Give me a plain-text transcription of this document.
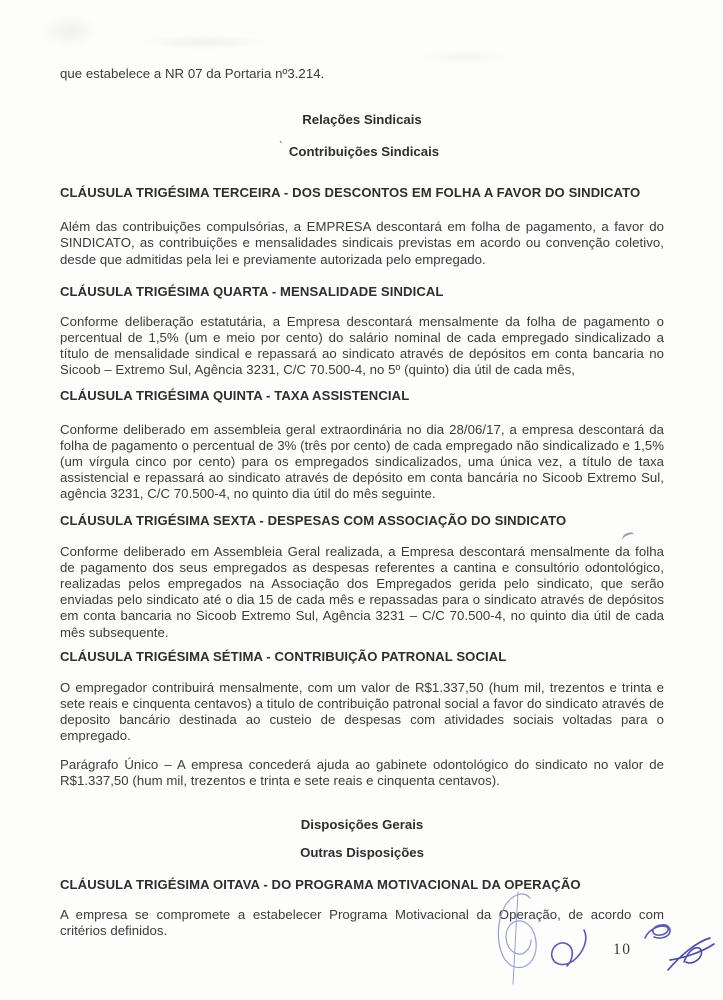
que estabelece a NR 07 da Portaria nº3.214.

Relações Sindicais

` Contribuições Sindicais

CLÁUSULA TRIGÉSIMA TERCEIRA - DOS DESCONTOS EM FOLHA A FAVOR DO SINDICATO

Além das contribuições compulsórias, a EMPRESA descontará em folha de pagamento, a favor do SINDICATO, as contribuições e mensalidades sindicais previstas em acordo ou convenção coletivo, desde que admitidas pela lei e previamente autorizada pelo empregado.

CLÁUSULA TRIGÉSIMA QUARTA - MENSALIDADE SINDICAL

Conforme deliberação estatutária, a Empresa descontará mensalmente da folha de pagamento o percentual de 1,5% (um e meio por cento) do salário nominal de cada empregado sindicalizado a título de mensalidade sindical e repassará ao sindicato através de depósitos em conta bancaria no Sicoob – Extremo Sul, Agência 3231, C/C 70.500-4, no 5º (quinto) dia útil de cada mês,

CLÁUSULA TRIGÉSIMA QUINTA - TAXA ASSISTENCIAL

Conforme deliberado em assembleia geral extraordinária no dia 28/06/17, a empresa descontará da folha de pagamento o percentual de 3% (três por cento) de cada empregado não sindicalizado e 1,5% (um vírgula cinco por cento) para os empregados sindicalizados, uma única vez, a título de taxa assistencial e repassará ao sindicato através de depósito em conta bancária no Sicoob Extremo Sul, agência 3231, C/C 70.500-4, no quinto dia útil do mês seguinte.

CLÁUSULA TRIGÉSIMA SEXTA - DESPESAS COM ASSOCIAÇÃO DO SINDICATO

Conforme deliberado em Assembleia Geral realizada, a Empresa descontará mensalmente da folha de pagamento dos seus empregados as despesas referentes a cantina e consultório odontológico, realizadas pelos empregados na Associação dos Empregados gerida pelo sindicato, que serão enviadas pelo sindicato até o dia 15 de cada mês e repassadas para o sindicato através de depósitos em conta bancaria no Sicoob Extremo Sul, Agência 3231 – C/C 70.500-4, no quinto dia útil de cada mês subsequente.

CLÁUSULA TRIGÉSIMA SÉTIMA - CONTRIBUIÇÃO PATRONAL SOCIAL

O empregador contribuirá mensalmente, com um valor de R$1.337,50 (hum mil, trezentos e trinta e sete reais e cinquenta centavos) a titulo de contribuição patronal social a favor do sindicato através de deposito bancário destinada ao custeio de despesas com atividades sociais voltadas para o empregado.

Parágrafo Único – A empresa concederá ajuda ao gabinete odontológico do sindicato no valor de R$1.337,50 (hum mil, trezentos e trinta e sete reais e cinquenta centavos).

Disposições Gerais

Outras Disposições

CLÁUSULA TRIGÉSIMA OITAVA - DO PROGRAMA MOTIVACIONAL DA OPERAÇÃO

A empresa se compromete a estabelecer Programa Motivacional da Operação, de acordo com critérios definidos.

10
